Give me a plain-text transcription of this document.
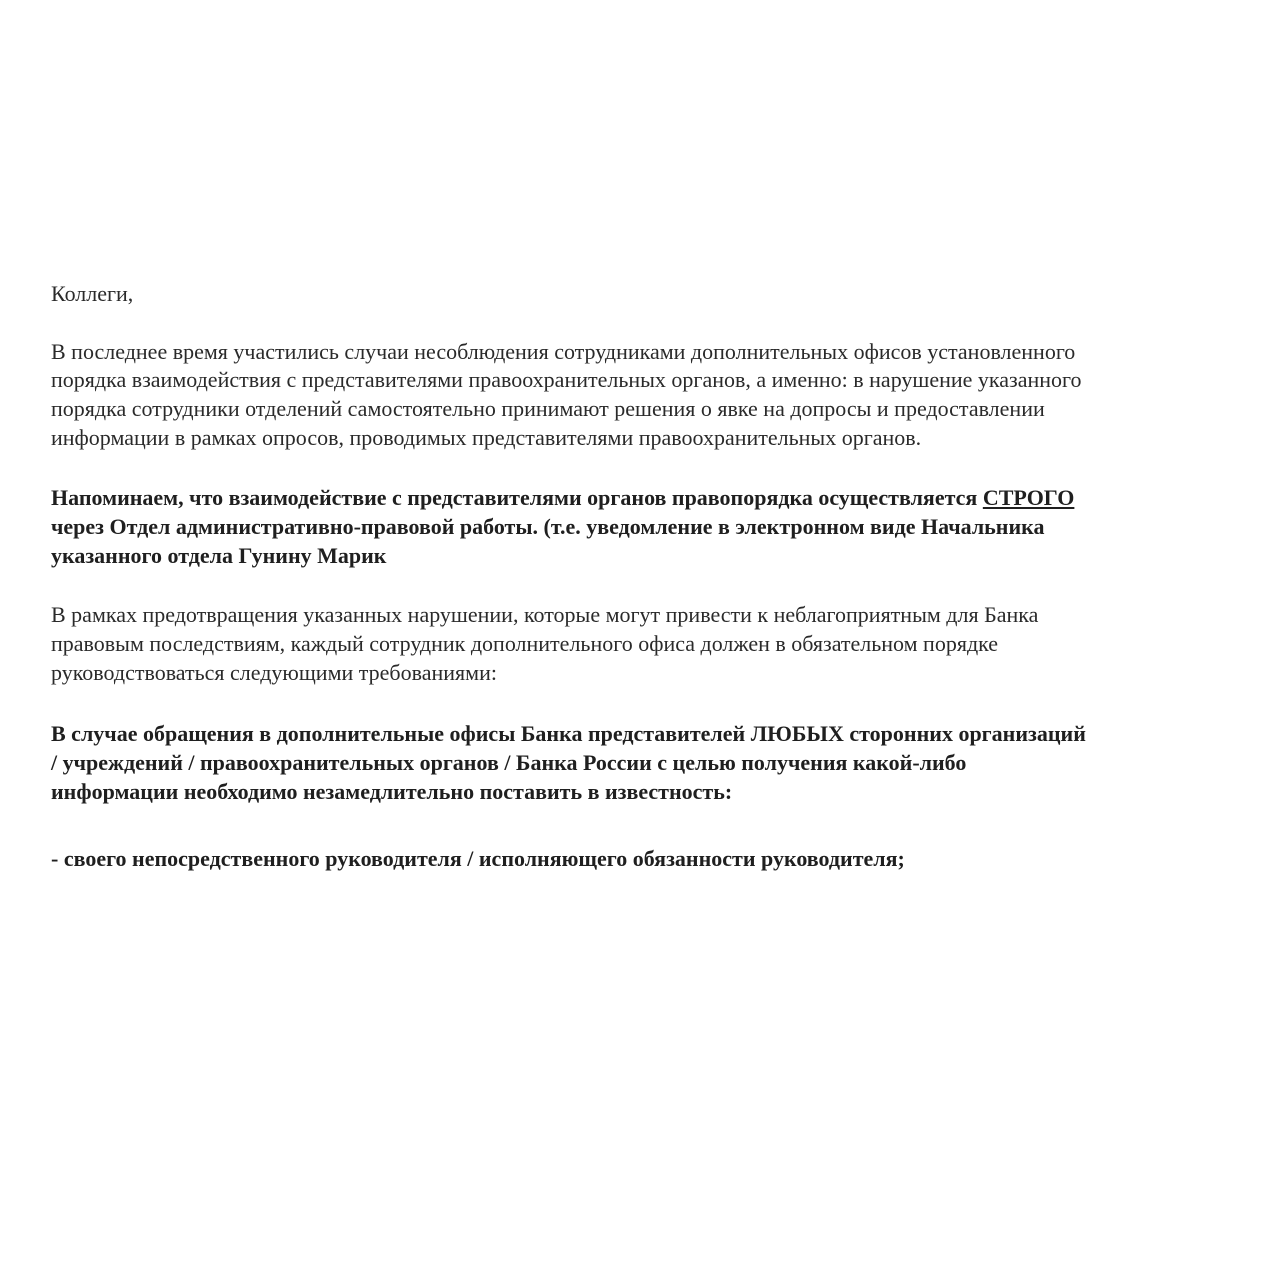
Коллеги,
В последнее время участились случаи несоблюдения сотрудниками дополнительных офисов установленного
порядка взаимодействия с представителями правоохранительных органов, а именно: в нарушение указанного
порядка сотрудники отделений самостоятельно принимают решения о явке на допросы и предоставлении
информации в рамках опросов, проводимых представителями правоохранительных органов.
Напоминаем, что взаимодействие с представителями органов правопорядка осуществляется СТРОГО
через Отдел административно-правовой работы. (т.е. уведомление в электронном виде Начальника
указанного отдела Гунину Марик
В рамках предотвращения указанных нарушении, которые могут привести к неблагоприятным для Банка
правовым последствиям, каждый сотрудник дополнительного офиса должен в обязательном порядке
руководствоваться следующими требованиями:
В случае обращения в дополнительные офисы Банка представителей ЛЮБЫХ сторонних организаций
/ учреждений / правоохранительных органов / Банка России с целью получения какой-либо
информации необходимо незамедлительно поставить в известность:
- своего непосредственного руководителя / исполняющего обязанности руководителя;
